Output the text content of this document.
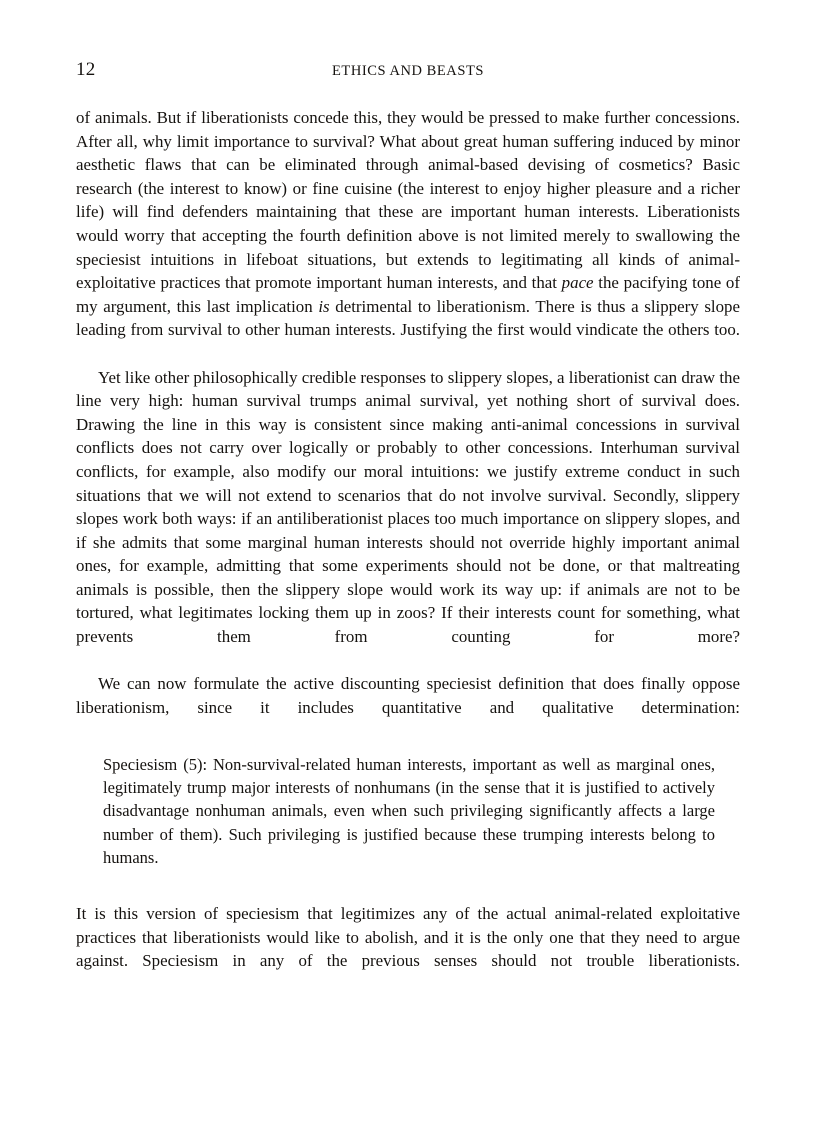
12	ETHICS AND BEASTS

of animals. But if liberationists concede this, they would be pressed to make further concessions. After all, why limit importance to survival? What about great human suffering induced by minor aesthetic flaws that can be eliminated through animal-based devising of cosmetics? Basic research (the interest to know) or fine cuisine (the interest to enjoy higher pleasure and a richer life) will find defenders maintaining that these are important human interests. Liberationists would worry that accepting the fourth definition above is not limited merely to swallowing the speciesist intuitions in lifeboat situations, but extends to legitimating all kinds of animal-exploitative practices that promote important human interests, and that pace the pacifying tone of my argument, this last implication is detrimental to liberationism. There is thus a slippery slope leading from survival to other human interests. Justifying the first would vindicate the others too.

Yet like other philosophically credible responses to slippery slopes, a liberationist can draw the line very high: human survival trumps animal survival, yet nothing short of survival does. Drawing the line in this way is consistent since making anti-animal concessions in survival conflicts does not carry over logically or probably to other concessions. Interhuman survival conflicts, for example, also modify our moral intuitions: we justify extreme conduct in such situations that we will not extend to scenarios that do not involve survival. Secondly, slippery slopes work both ways: if an antiliberationist places too much importance on slippery slopes, and if she admits that some marginal human interests should not override highly important animal ones, for example, admitting that some experiments should not be done, or that maltreating animals is possible, then the slippery slope would work its way up: if animals are not to be tortured, what legitimates locking them up in zoos? If their interests count for something, what prevents them from counting for more?

We can now formulate the active discounting speciesist definition that does finally oppose liberationism, since it includes quantitative and qualitative determination:

Speciesism (5): Non-survival-related human interests, important as well as marginal ones, legitimately trump major interests of nonhumans (in the sense that it is justified to actively disadvantage nonhuman animals, even when such privileging significantly affects a large number of them). Such privileging is justified because these trumping interests belong to humans.

It is this version of speciesism that legitimizes any of the actual animal-related exploitative practices that liberationists would like to abolish, and it is the only one that they need to argue against. Speciesism in any of the previous senses should not trouble liberationists.
